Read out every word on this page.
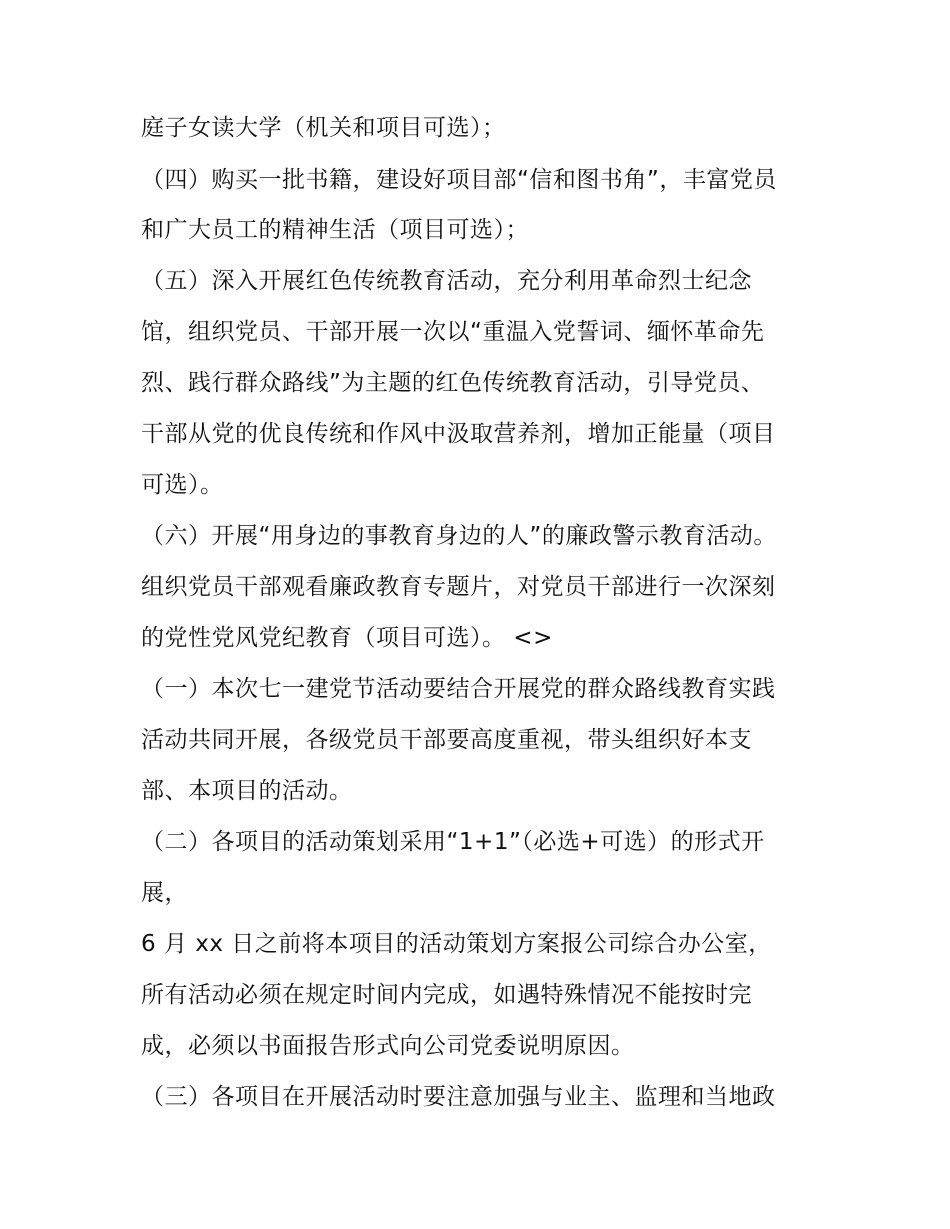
庭子女读大学（机关和项目可选）；
（四）购买一批书籍，建设好项目部“信和图书角”，丰富党员
和广大员工的精神生活（项目可选）；
（五）深入开展红色传统教育活动，充分利用革命烈士纪念
馆，组织党员、干部开展一次以“重温入党誓词、缅怀革命先
烈、践行群众路线”为主题的红色传统教育活动，引导党员、
干部从党的优良传统和作风中汲取营养剂，增加正能量（项目
可选）。
（六）开展“用身边的事教育身边的人”的廉政警示教育活动。
组织党员干部观看廉政教育专题片，对党员干部进行一次深刻
的党性党风党纪教育（项目可选）。 <>
（一）本次七一建党节活动要结合开展党的群众路线教育实践
活动共同开展，各级党员干部要高度重视，带头组织好本支
部、本项目的活动。
（二）各项目的活动策划采用“1+1”（必选+可选）的形式开
展，
6 月 xx 日之前将本项目的活动策划方案报公司综合办公室，
所有活动必须在规定时间内完成，如遇特殊情况不能按时完
成，必须以书面报告形式向公司党委说明原因。
（三）各项目在开展活动时要注意加强与业主、监理和当地政
